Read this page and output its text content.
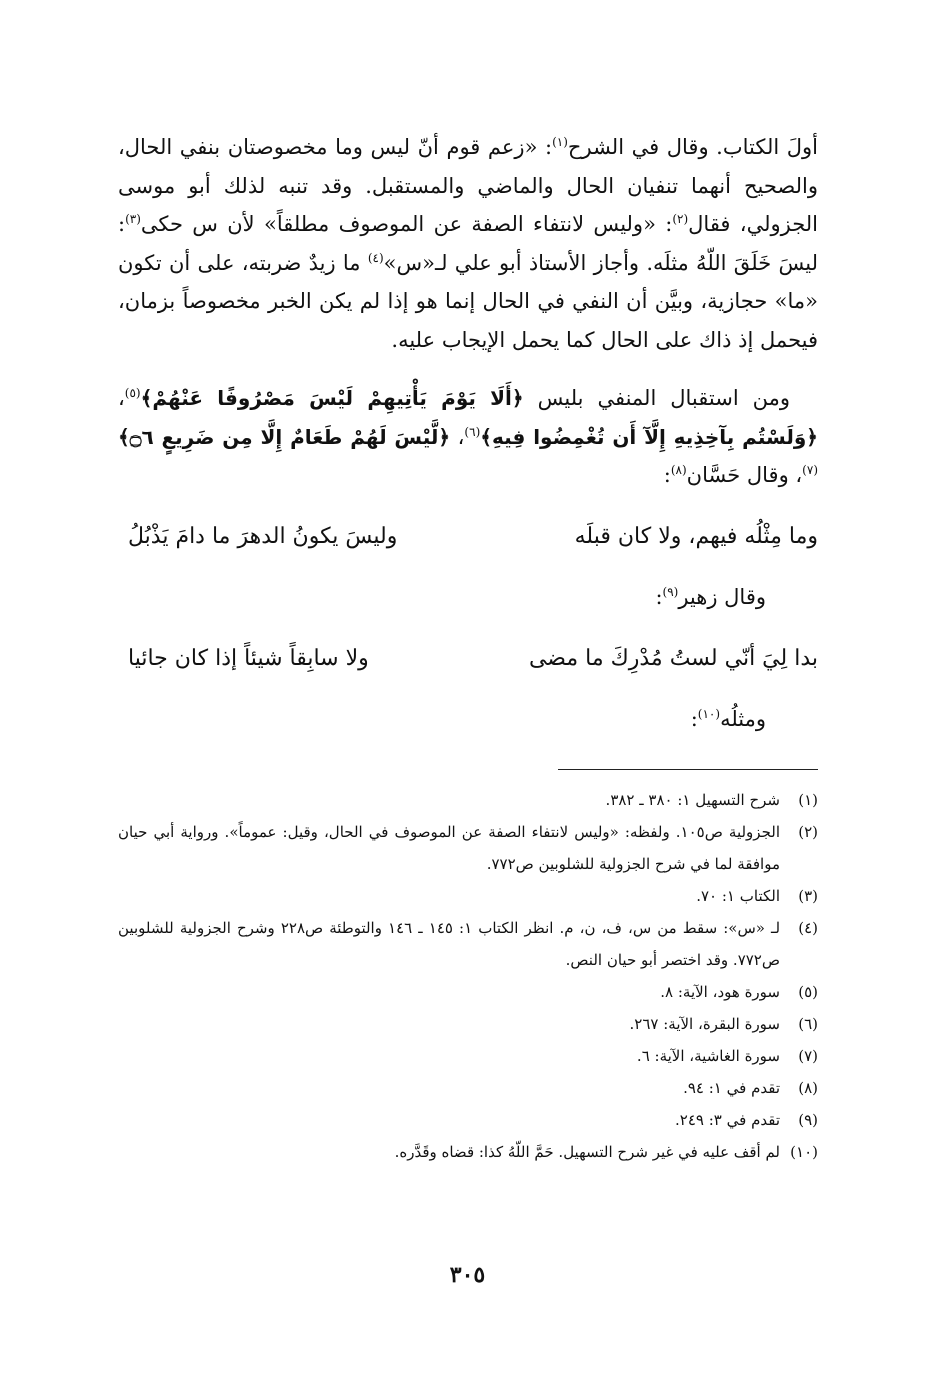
أولَ الكتاب. وقال في الشرح$^{(١)}$: «زعم قوم أنّ ليس وما مخصوصتان بنفي الحال، والصحيح أنهما تنفيان الحال والماضي والمستقبل. وقد تنبه لذلك أبو موسى الجزولي، فقال$^{(٢)}$: «وليس لانتفاء الصفة عن الموصوف مطلقاً» لأن س حكى$^{(٣)}$: ليسَ خَلَقَ اللّهُ مثلَه. وأجاز الأستاذ أبو علي لـ«س»$^{(٤)}$ ما زيدٌ ضربته، على أن تكون «ما» حجازية، وبيَّن أن النفي في الحال إنما هو إذا لم يكن الخبر مخصوصاً بزمان، فيحمل إذ ذاك على الحال كما يحمل الإيجاب عليه.

ومن استقبال المنفي بليس ﴿أَلَا يَوْمَ يَأْتِيهِمْ لَيْسَ مَصْرُوفًا عَنْهُمْ﴾$^{(٥)}$، ﴿وَلَسْتُم بِآخِذِيهِ إِلَّآ أَن تُغْمِضُوا فِيهِ﴾$^{(٦)}$، ﴿لَّيْسَ لَهُمْ طَعَامٌ إِلَّا مِن ضَرِيعٍ ۝٦﴾$^{(٧)}$، وقال حَسَّان$^{(٨)}$:

وما مِثْلُه فيهم، ولا كان قبلَه
وليسَ يكونُ الدهرَ ما دامَ يَذْبُلُ
وقال زهير$^{(٩)}$:
بدا لِيَ أنّي لستُ مُدْرِكَ ما مضى
ولا سابِقاً شيئاً إذا كان جائيا
ومثلُه$^{(١٠)}$:
(١)
شرح التسهيل ١: ٣٨٠ ـ ٣٨٢.
(٢)
الجزولية ص١٠٥. ولفظه: «وليس لانتفاء الصفة عن الموصوف في الحال، وقيل: عموماً». ورواية أبي حيان موافقة لما في شرح الجزولية للشلوبين ص٧٧٢.
(٣)
الكتاب ١: ٧٠.
(٤)
لـ «س»: سقط من س، ف، ن، م. انظر الكتاب ١: ١٤٥ ـ ١٤٦ والتوطئة ص٢٢٨ وشرح الجزولية للشلوبين ص٧٧٢. وقد اختصر أبو حيان النص.
(٥)
سورة هود، الآية: ٨.
(٦)
سورة البقرة، الآية: ٢٦٧.
(٧)
سورة الغاشية، الآية: ٦.
(٨)
تقدم في ١: ٩٤.
(٩)
تقدم في ٣: ٢٤٩.
(١٠)
لم أقف عليه في غير شرح التسهيل. حَمَّ اللّهُ كذا: قضاه وقَدَّره.
٣٠٥
